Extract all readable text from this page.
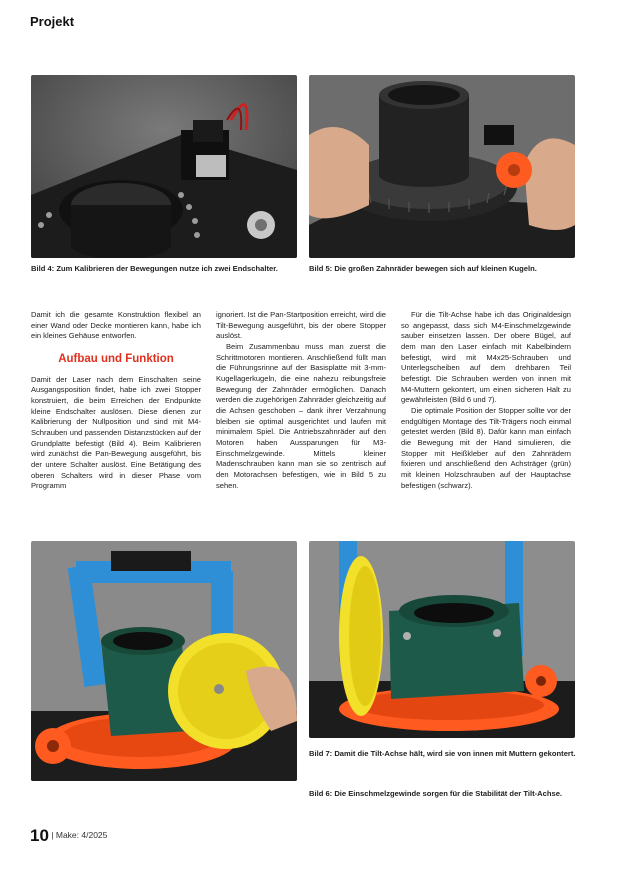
Projekt
Bild 4: Zum Kalibrieren der Bewegungen nutze ich zwei Endschalter.	Bild 5: Die großen Zahnräder bewegen sich auf kleinen Kugeln.

Damit ich die gesamte Konstruktion flexibel an einer Wand oder Decke montieren kann, habe ich ein kleines Gehäuse entworfen.

Aufbau und Funktion

Damit der Laser nach dem Einschalten seine Ausgangsposition findet, habe ich zwei Stopper konstruiert, die beim Erreichen der Endpunkte kleine Endschalter auslösen. Diese dienen zur Kalibrierung der Nullposition und sind mit M4-Schrauben und passenden Distanzstücken auf der Grundplatte befestigt (Bild 4). Beim Kalibrieren wird zunächst die Pan-Bewegung ausgeführt, bis der untere Schalter auslöst. Eine Betätigung des oberen Schalters wird in dieser Phase vom Programm

ignoriert. Ist die Pan-Startposition erreicht, wird die Tilt-Bewegung ausgeführt, bis der obere Stopper auslöst.

Beim Zusammenbau muss man zuerst die Schrittmotoren montieren. Anschließend füllt man die Führungsrinne auf der Basisplatte mit 3-mm-Kugellagerkugeln, die eine nahezu reibungsfreie Bewegung der Zahnräder ermöglichen. Danach werden die zugehörigen Zahnräder gleichzeitig auf die Achsen geschoben – dank ihrer Verzahnung bleiben sie optimal ausgerichtet und laufen mit minimalem Spiel. Die Antriebszahnräder auf den Motoren haben Aussparungen für M3-Einschmelzgewinde. Mittels kleiner Madenschrauben kann man sie so zentrisch auf den Motorachsen befestigen, wie in Bild 5 zu sehen.

Für die Tilt-Achse habe ich das Originaldesign so angepasst, dass sich M4-Einschmelzgewinde sauber einsetzen lassen. Der obere Bügel, auf dem man den Laser einfach mit Kabelbindern befestigt, wird mit M4x25-Schrauben und Unterlegscheiben auf dem drehbaren Teil befestigt. Die Schrauben werden von innen mit M4-Muttern gekontert, um einen sicheren Halt zu gewährleisten (Bild 6 und 7).

Die optimale Position der Stopper sollte vor der endgültigen Montage des Tilt-Trägers noch einmal getestet werden (Bild 8). Dafür kann man einfach die Bewegung mit der Hand simulieren, die Stopper mit Heißkleber auf den Zahnrädern fixieren und anschließend den Achsträger (grün) mit kleinen Holzschrauben auf der Hauptachse befestigen (schwarz).

Bild 7: Damit die Tilt-Achse hält, wird sie von innen mit Muttern gekontert.
Bild 6: Die Einschmelzgewinde sorgen für die Stabilität der Tilt-Achse.
10 | Make: 4/2025
